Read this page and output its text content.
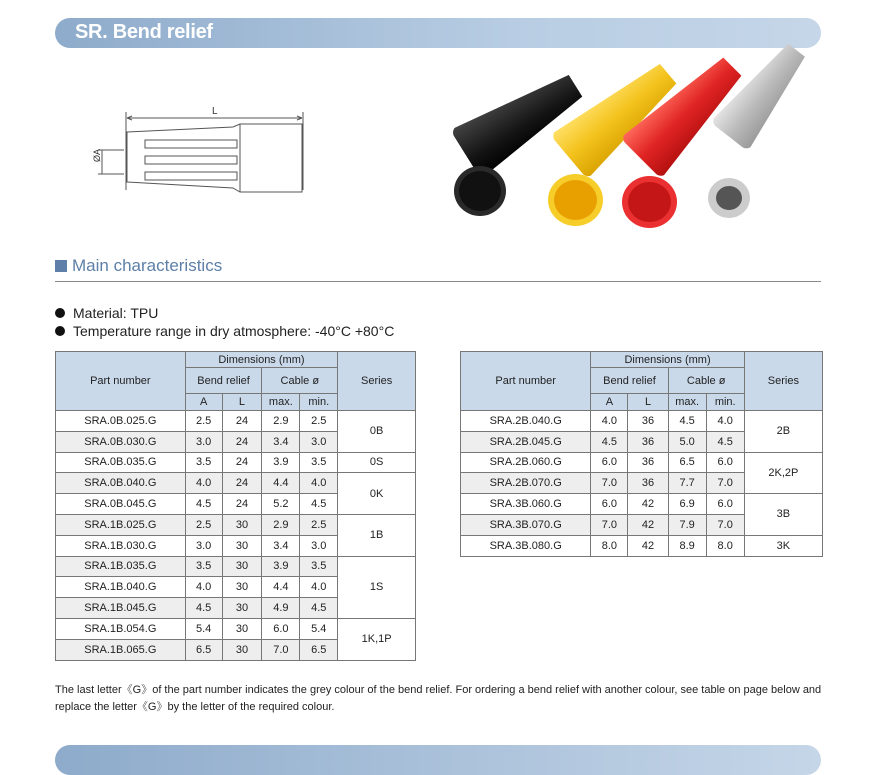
SR. Bend relief
L
ØA
Main characteristics
Material: TPU
Temperature range in dry atmosphere: -40°C +80°C
Part number	Dimensions (mm)				Series
	Bend relief		Cable ø		
	A	L	max.	min.	
SRA.0B.025.G	2.5	24	2.9	2.5	0B
SRA.0B.030.G	3.0	24	3.4	3.0	
SRA.0B.035.G	3.5	24	3.9	3.5	0S
SRA.0B.040.G	4.0	24	4.4	4.0	0K
SRA.0B.045.G	4.5	24	5.2	4.5	
SRA.1B.025.G	2.5	30	2.9	2.5	1B
SRA.1B.030.G	3.0	30	3.4	3.0	
SRA.1B.035.G	3.5	30	3.9	3.5	1S
SRA.1B.040.G	4.0	30	4.4	4.0	
SRA.1B.045.G	4.5	30	4.9	4.5	
SRA.1B.054.G	5.4	30	6.0	5.4	1K,1P
SRA.1B.065.G	6.5	30	7.0	6.5	
Part number	Dimensions (mm)				Series
	Bend relief		Cable ø		
	A	L	max.	min.	
SRA.2B.040.G	4.0	36	4.5	4.0	2B
SRA.2B.045.G	4.5	36	5.0	4.5	
SRA.2B.060.G	6.0	36	6.5	6.0	2K,2P
SRA.2B.070.G	7.0	36	7.7	7.0	
SRA.3B.060.G	6.0	42	6.9	6.0	3B
SRA.3B.070.G	7.0	42	7.9	7.0	
SRA.3B.080.G	8.0	42	8.9	8.0	3K
The last letter《G》of the part number indicates the grey colour of the bend relief. For ordering a bend relief with another colour, see table on page below and replace the letter《G》by the letter of the required colour.
